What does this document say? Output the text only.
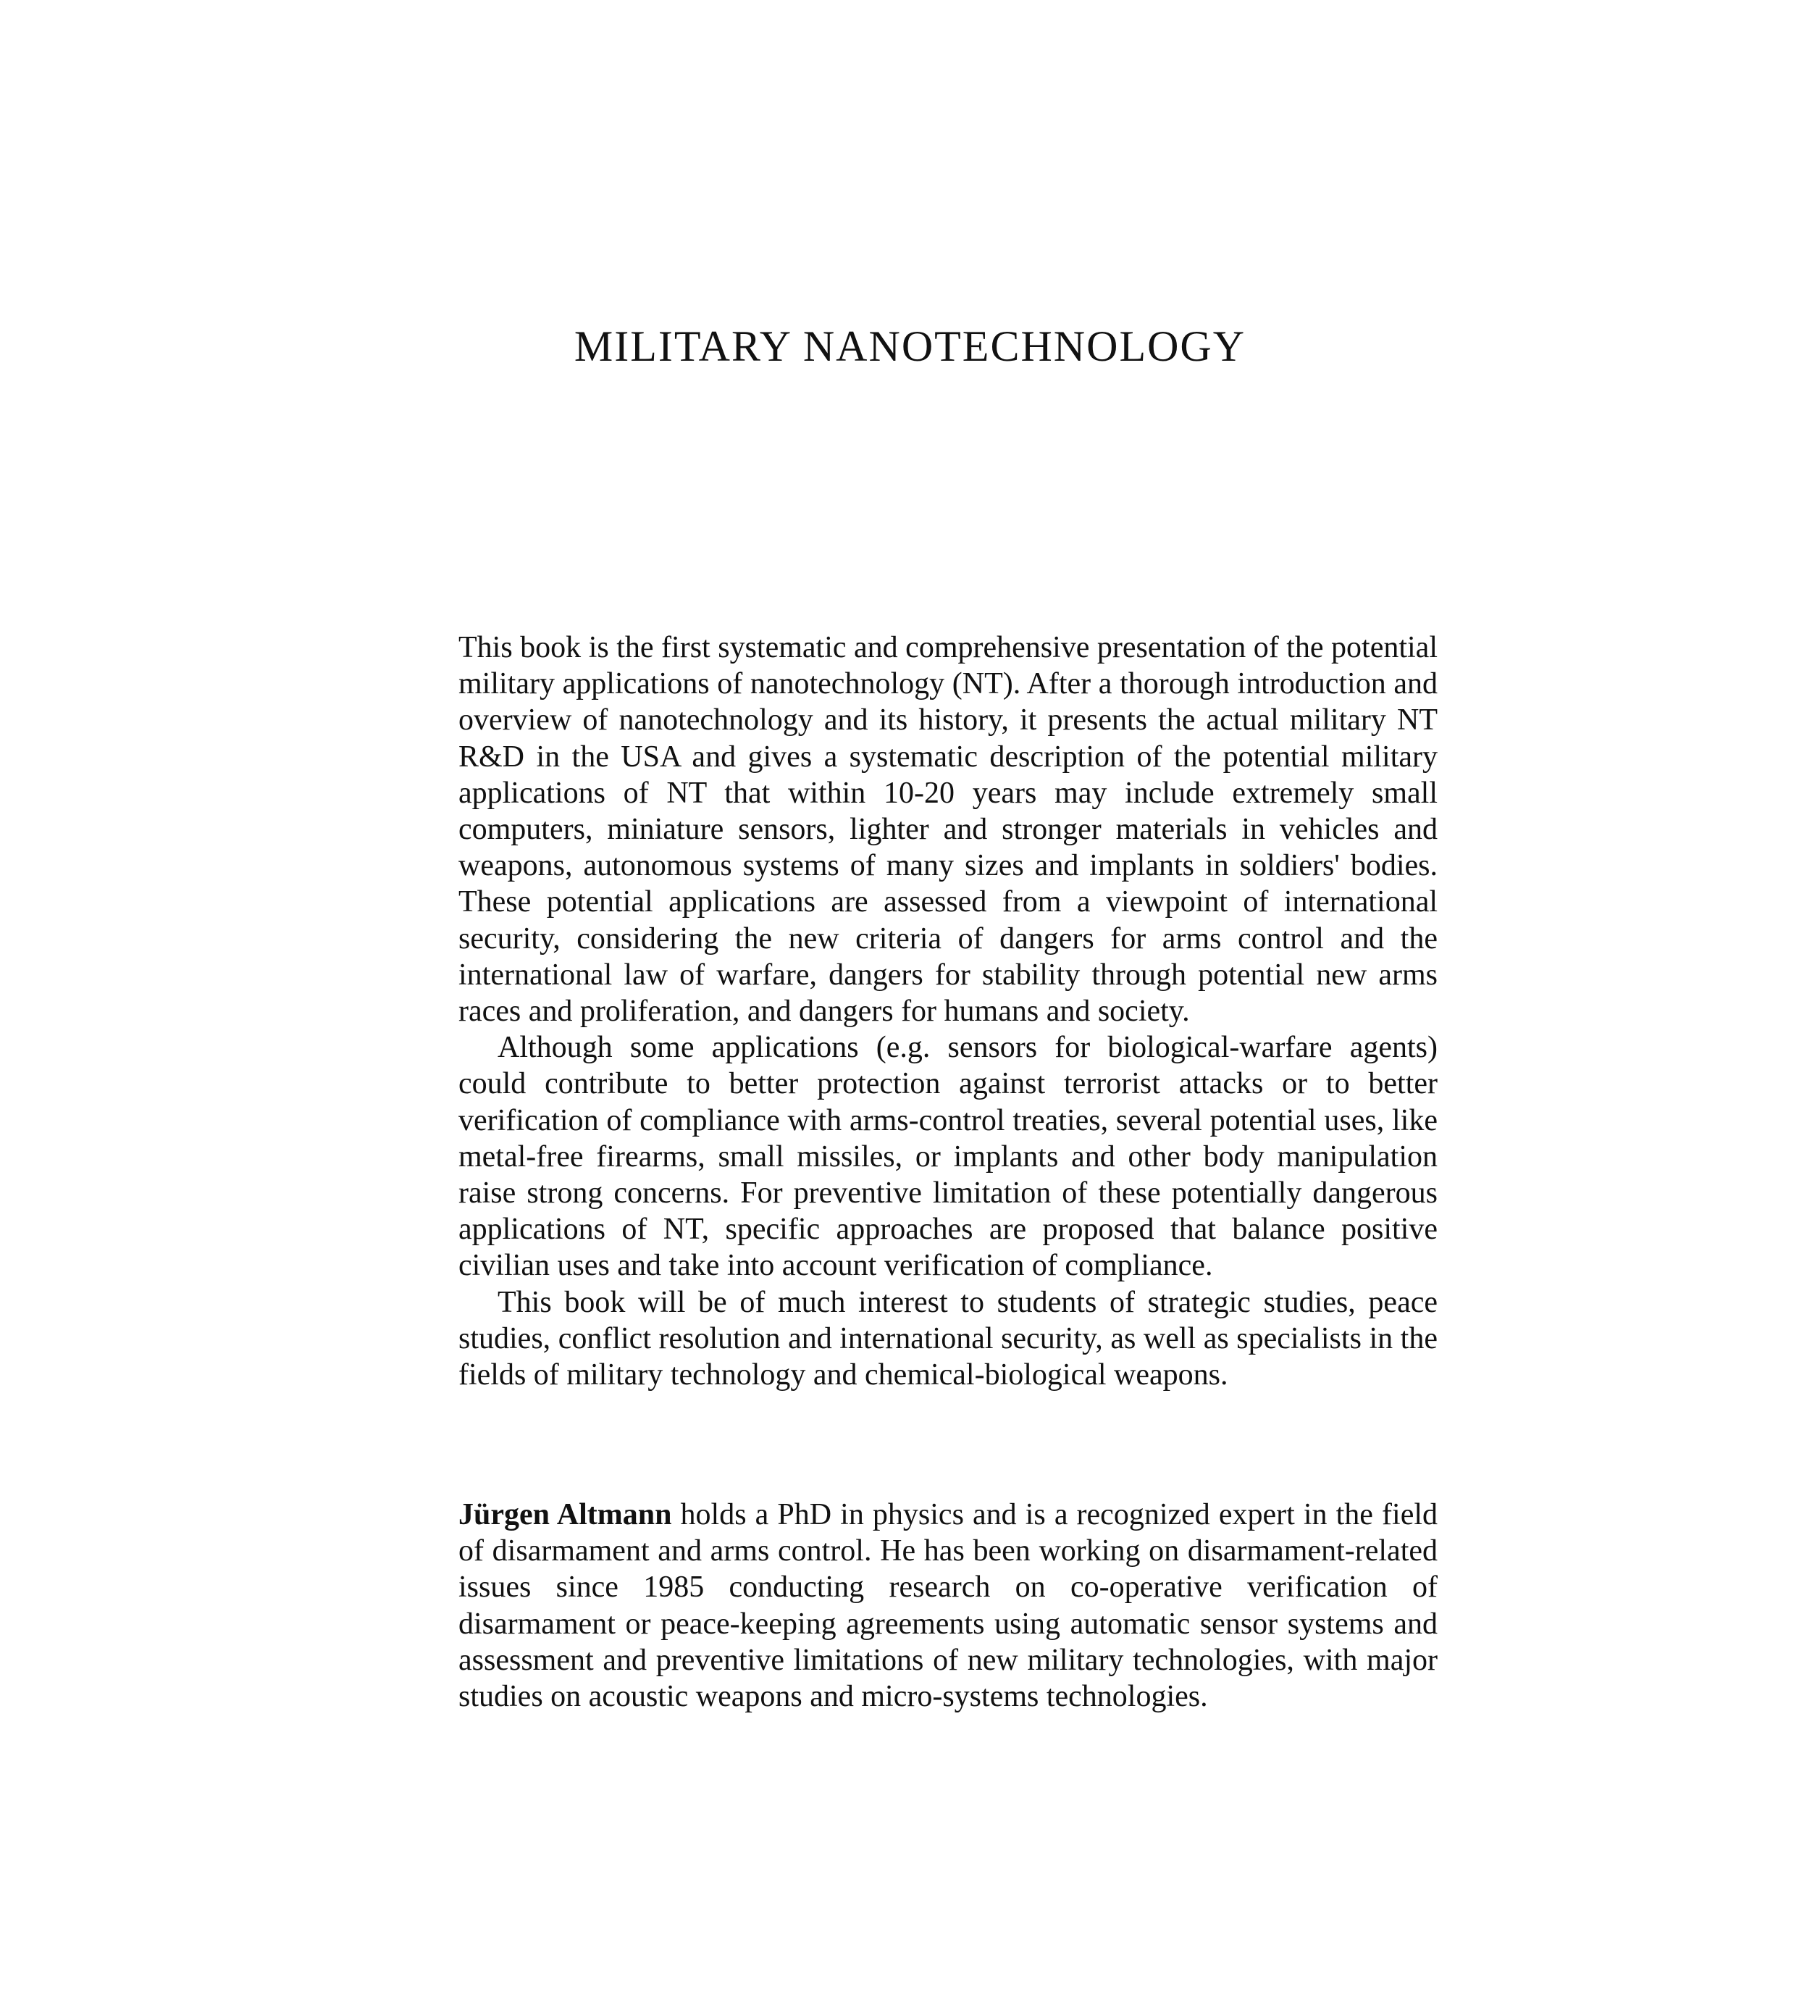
MILITARY NANOTECHNOLOGY

This book is the first systematic and comprehensive presentation of the potential military applications of nanotechnology (NT). After a thorough introduction and overview of nanotechnology and its history, it presents the actual military NT R&D in the USA and gives a systematic description of the potential military applications of NT that within 10-20 years may include extremely small computers, miniature sensors, lighter and stronger materials in vehicles and weapons, autonomous systems of many sizes and implants in soldiers' bodies. These potential applications are assessed from a viewpoint of international security, considering the new criteria of dangers for arms control and the international law of warfare, dangers for stability through potential new arms races and proliferation, and dangers for humans and society.

Although some applications (e.g. sensors for biological-warfare agents) could contribute to better protection against terrorist attacks or to better verification of compliance with arms-control treaties, several potential uses, like metal-free firearms, small missiles, or implants and other body manipulation raise strong concerns. For preventive limitation of these potentially dangerous applications of NT, specific approaches are proposed that balance positive civilian uses and take into account verification of compliance.

This book will be of much interest to students of strategic studies, peace studies, conflict resolution and international security, as well as specialists in the fields of military technology and chemical-biological weapons.

Jürgen Altmann holds a PhD in physics and is a recognized expert in the field of disarmament and arms control. He has been working on disarmament-related issues since 1985 conducting research on co-operative verification of disarmament or peace-keeping agreements using automatic sensor systems and assessment and preventive limitations of new military technologies, with major studies on acoustic weapons and micro-systems technologies.
